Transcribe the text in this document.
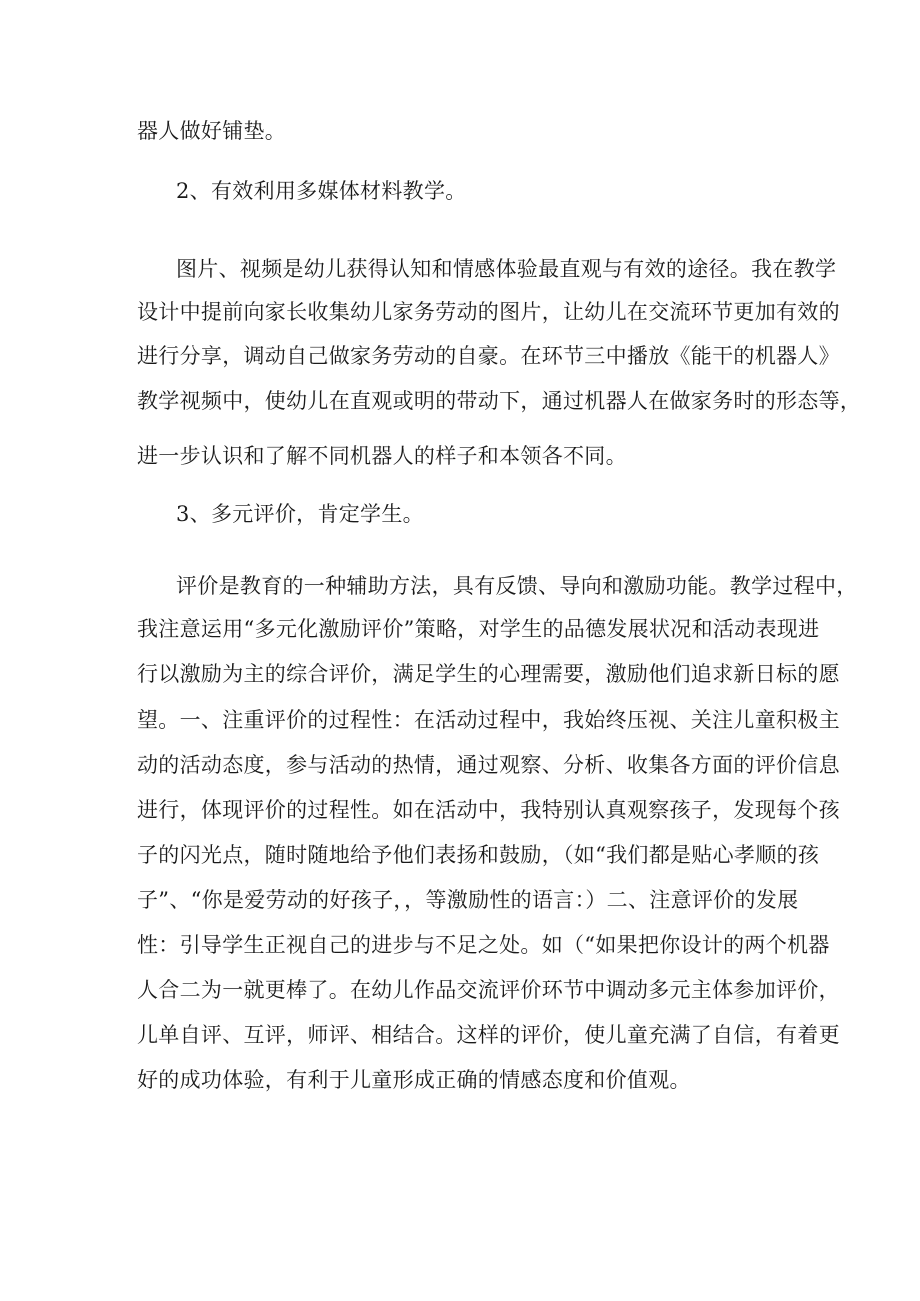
器人做好铺垫。
2、有效利用多媒体材料教学。
图片、视频是幼儿获得认知和情感体验最直观与有效的途径。我在教学
设计中提前向家长收集幼儿家务劳动的图片，让幼儿在交流环节更加有效的
进行分享，调动自己做家务劳动的自豪。在环节三中播放《能干的机器人》
教学视频中，使幼儿在直观或明的带动下，通过机器人在做家务时的形态等，
进一步认识和了解不同机器人的样子和本领各不同。
3、多元评价，肯定学生。
评价是教育的一种辅助方法，具有反馈、导向和激励功能。教学过程中，
我注意运用“多元化激励评价”策略，对学生的品德发展状况和活动表现进
行以激励为主的综合评价，满足学生的心理需要，激励他们追求新日标的愿
望。一、注重评价的过程性：在活动过程中，我始终压视、关注儿童积极主
动的活动态度，参与活动的热情，通过观察、分析、收集各方面的评价信息
进行，体现评价的过程性。如在活动中，我特别认真观察孩子，发现每个孩
子的闪光点，随时随地给予他们表扬和鼓励，（如“我们都是贴心孝顺的孩
子”、“你是爱劳动的好孩子，，等激励性的语言：）二、注意评价的发展
性：引导学生正视自己的进步与不足之处。如（“如果把你设计的两个机器
人合二为一就更棒了。在幼儿作品交流评价环节中调动多元主体参加评价，
儿单自评、互评，师评、相结合。这样的评价，使儿童充满了自信，有着更
好的成功体验，有利于儿童形成正确的情感态度和价值观。
